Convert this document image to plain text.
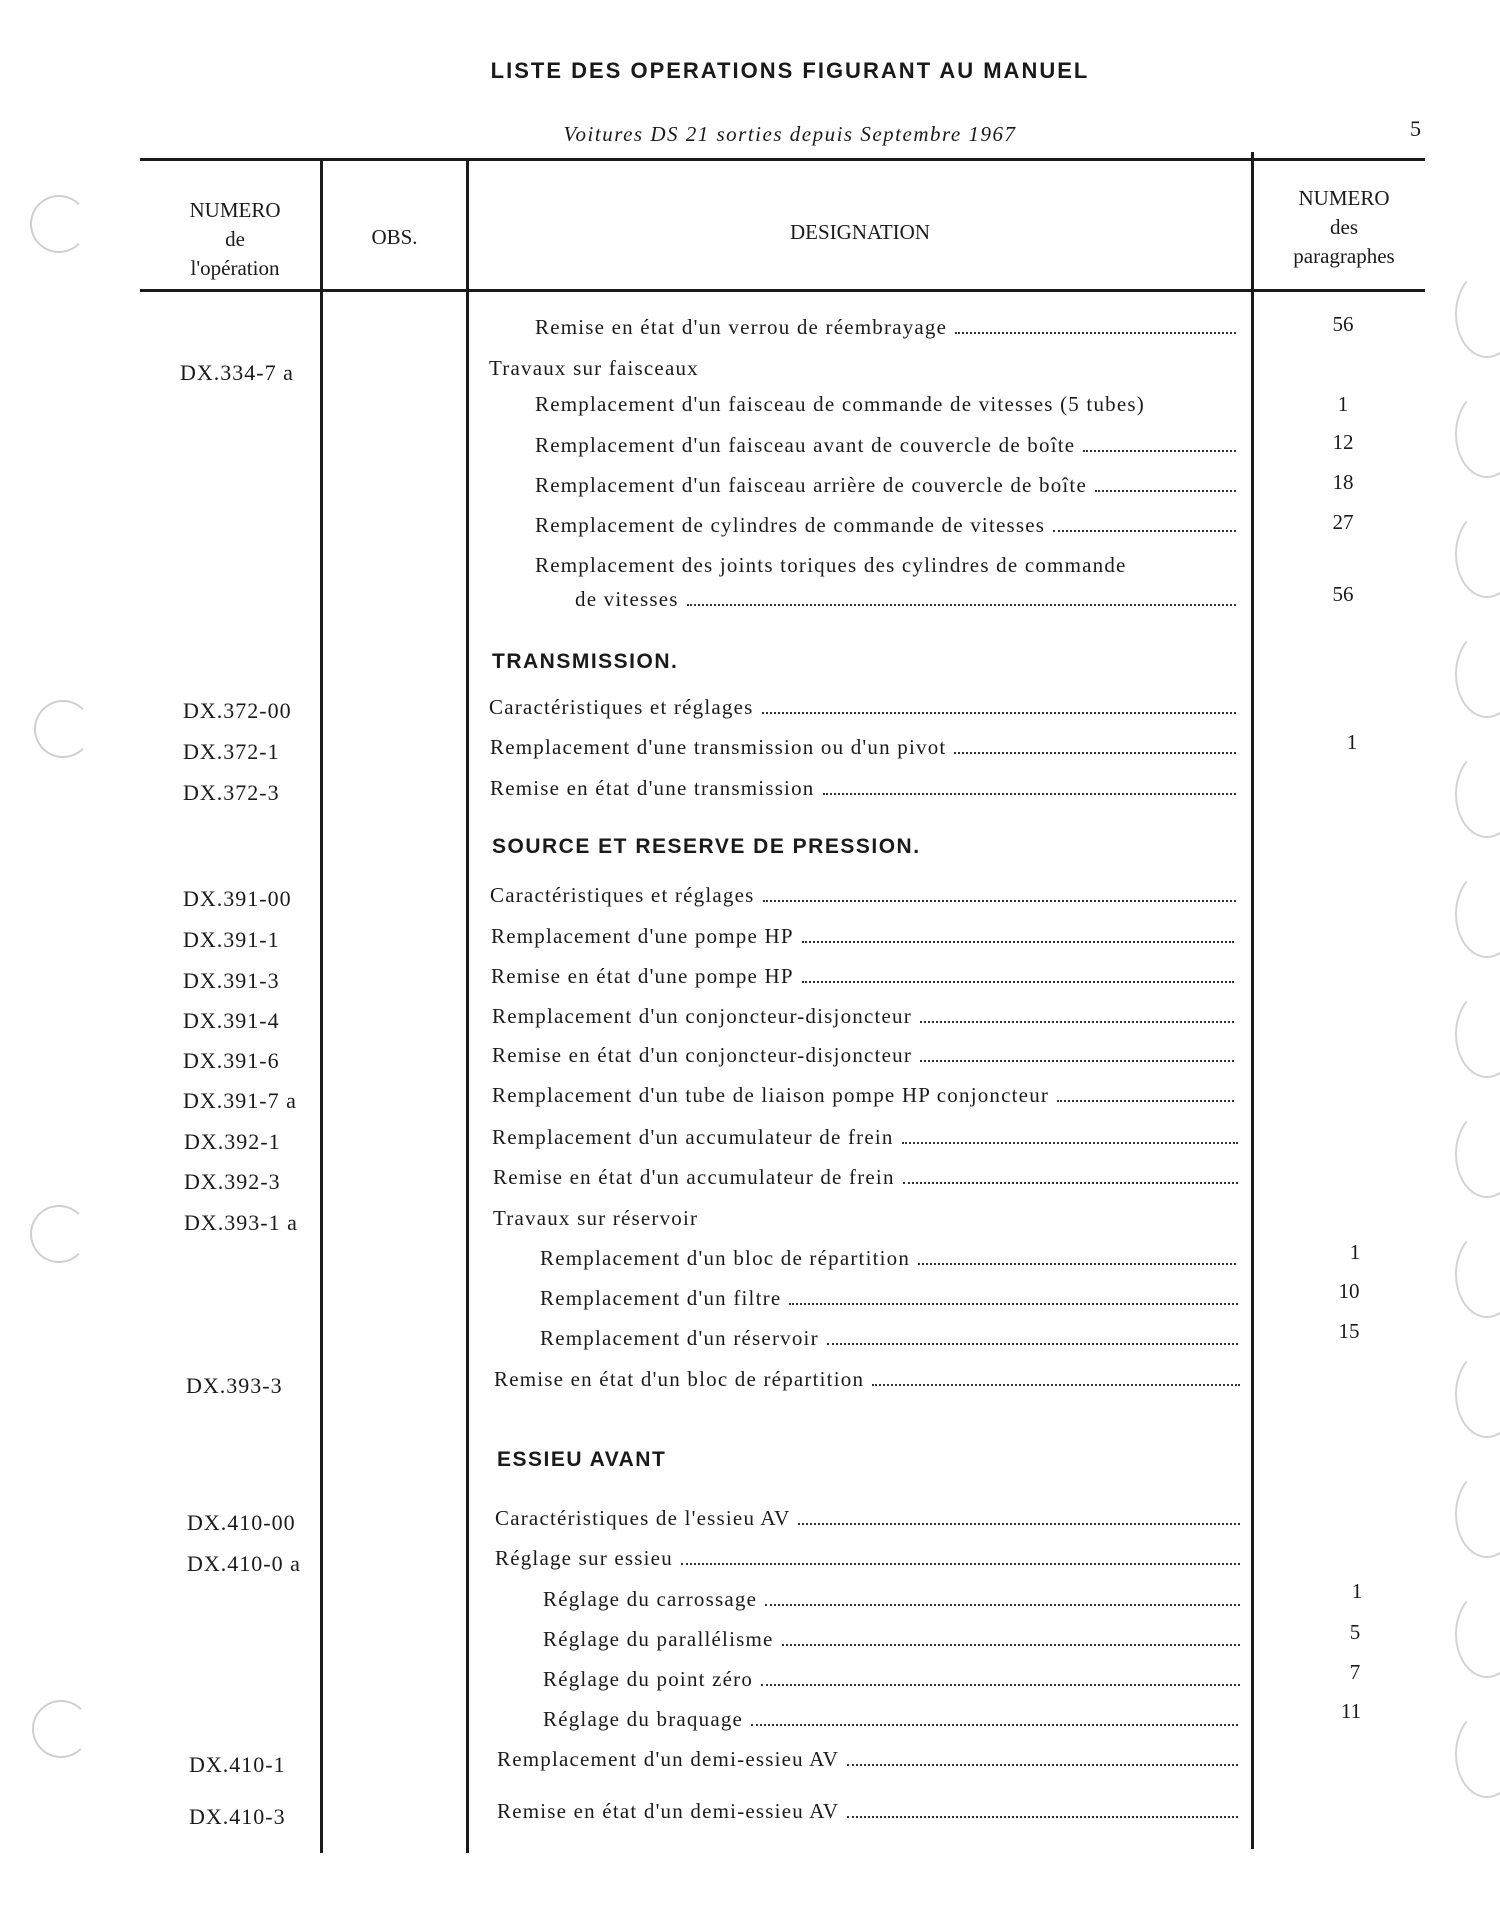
LISTE DES OPERATIONS FIGURANT AU MANUEL
Voitures DS 21 sorties depuis Septembre 1967	5
NUMERO
de
l'opération
OBS.	DESIGNATION
NUMERO
des
paragraphes
Remise en état d'un verrou de réembrayage	56
DX.334-7 a	Travaux sur faisceaux
Remplacement d'un faisceau de commande de vitesses (5 tubes)	1
Remplacement d'un faisceau avant de couvercle de boîte	12
Remplacement d'un faisceau arrière de couvercle de boîte	18
Remplacement de cylindres de commande de vitesses	27
Remplacement des joints toriques des cylindres de commande
de vitesses	56
TRANSMISSION.
DX.372-00	Caractéristiques et réglages
DX.372-1	Remplacement d'une transmission ou d'un pivot	1
DX.372-3	Remise en état d'une transmission
SOURCE ET RESERVE DE PRESSION.
DX.391-00	Caractéristiques et réglages
DX.391-1	Remplacement d'une pompe HP
DX.391-3	Remise en état d'une pompe HP
DX.391-4	Remplacement d'un conjoncteur-disjoncteur
DX.391-6	Remise en état d'un conjoncteur-disjoncteur
DX.391-7 a	Remplacement d'un tube de liaison pompe HP conjoncteur
DX.392-1	Remplacement d'un accumulateur de frein
DX.392-3	Remise en état d'un accumulateur de frein
DX.393-1 a	Travaux sur réservoir
Remplacement d'un bloc de répartition	1
Remplacement d'un filtre	10
Remplacement d'un réservoir	15
DX.393-3	Remise en état d'un bloc de répartition
ESSIEU AVANT
DX.410-00	Caractéristiques de l'essieu AV
DX.410-0 a	Réglage sur essieu
Réglage du carrossage	1
Réglage du parallélisme	5
Réglage du point zéro	7
Réglage du braquage	11
DX.410-1	Remplacement d'un demi-essieu AV
DX.410-3	Remise en état d'un demi-essieu AV
